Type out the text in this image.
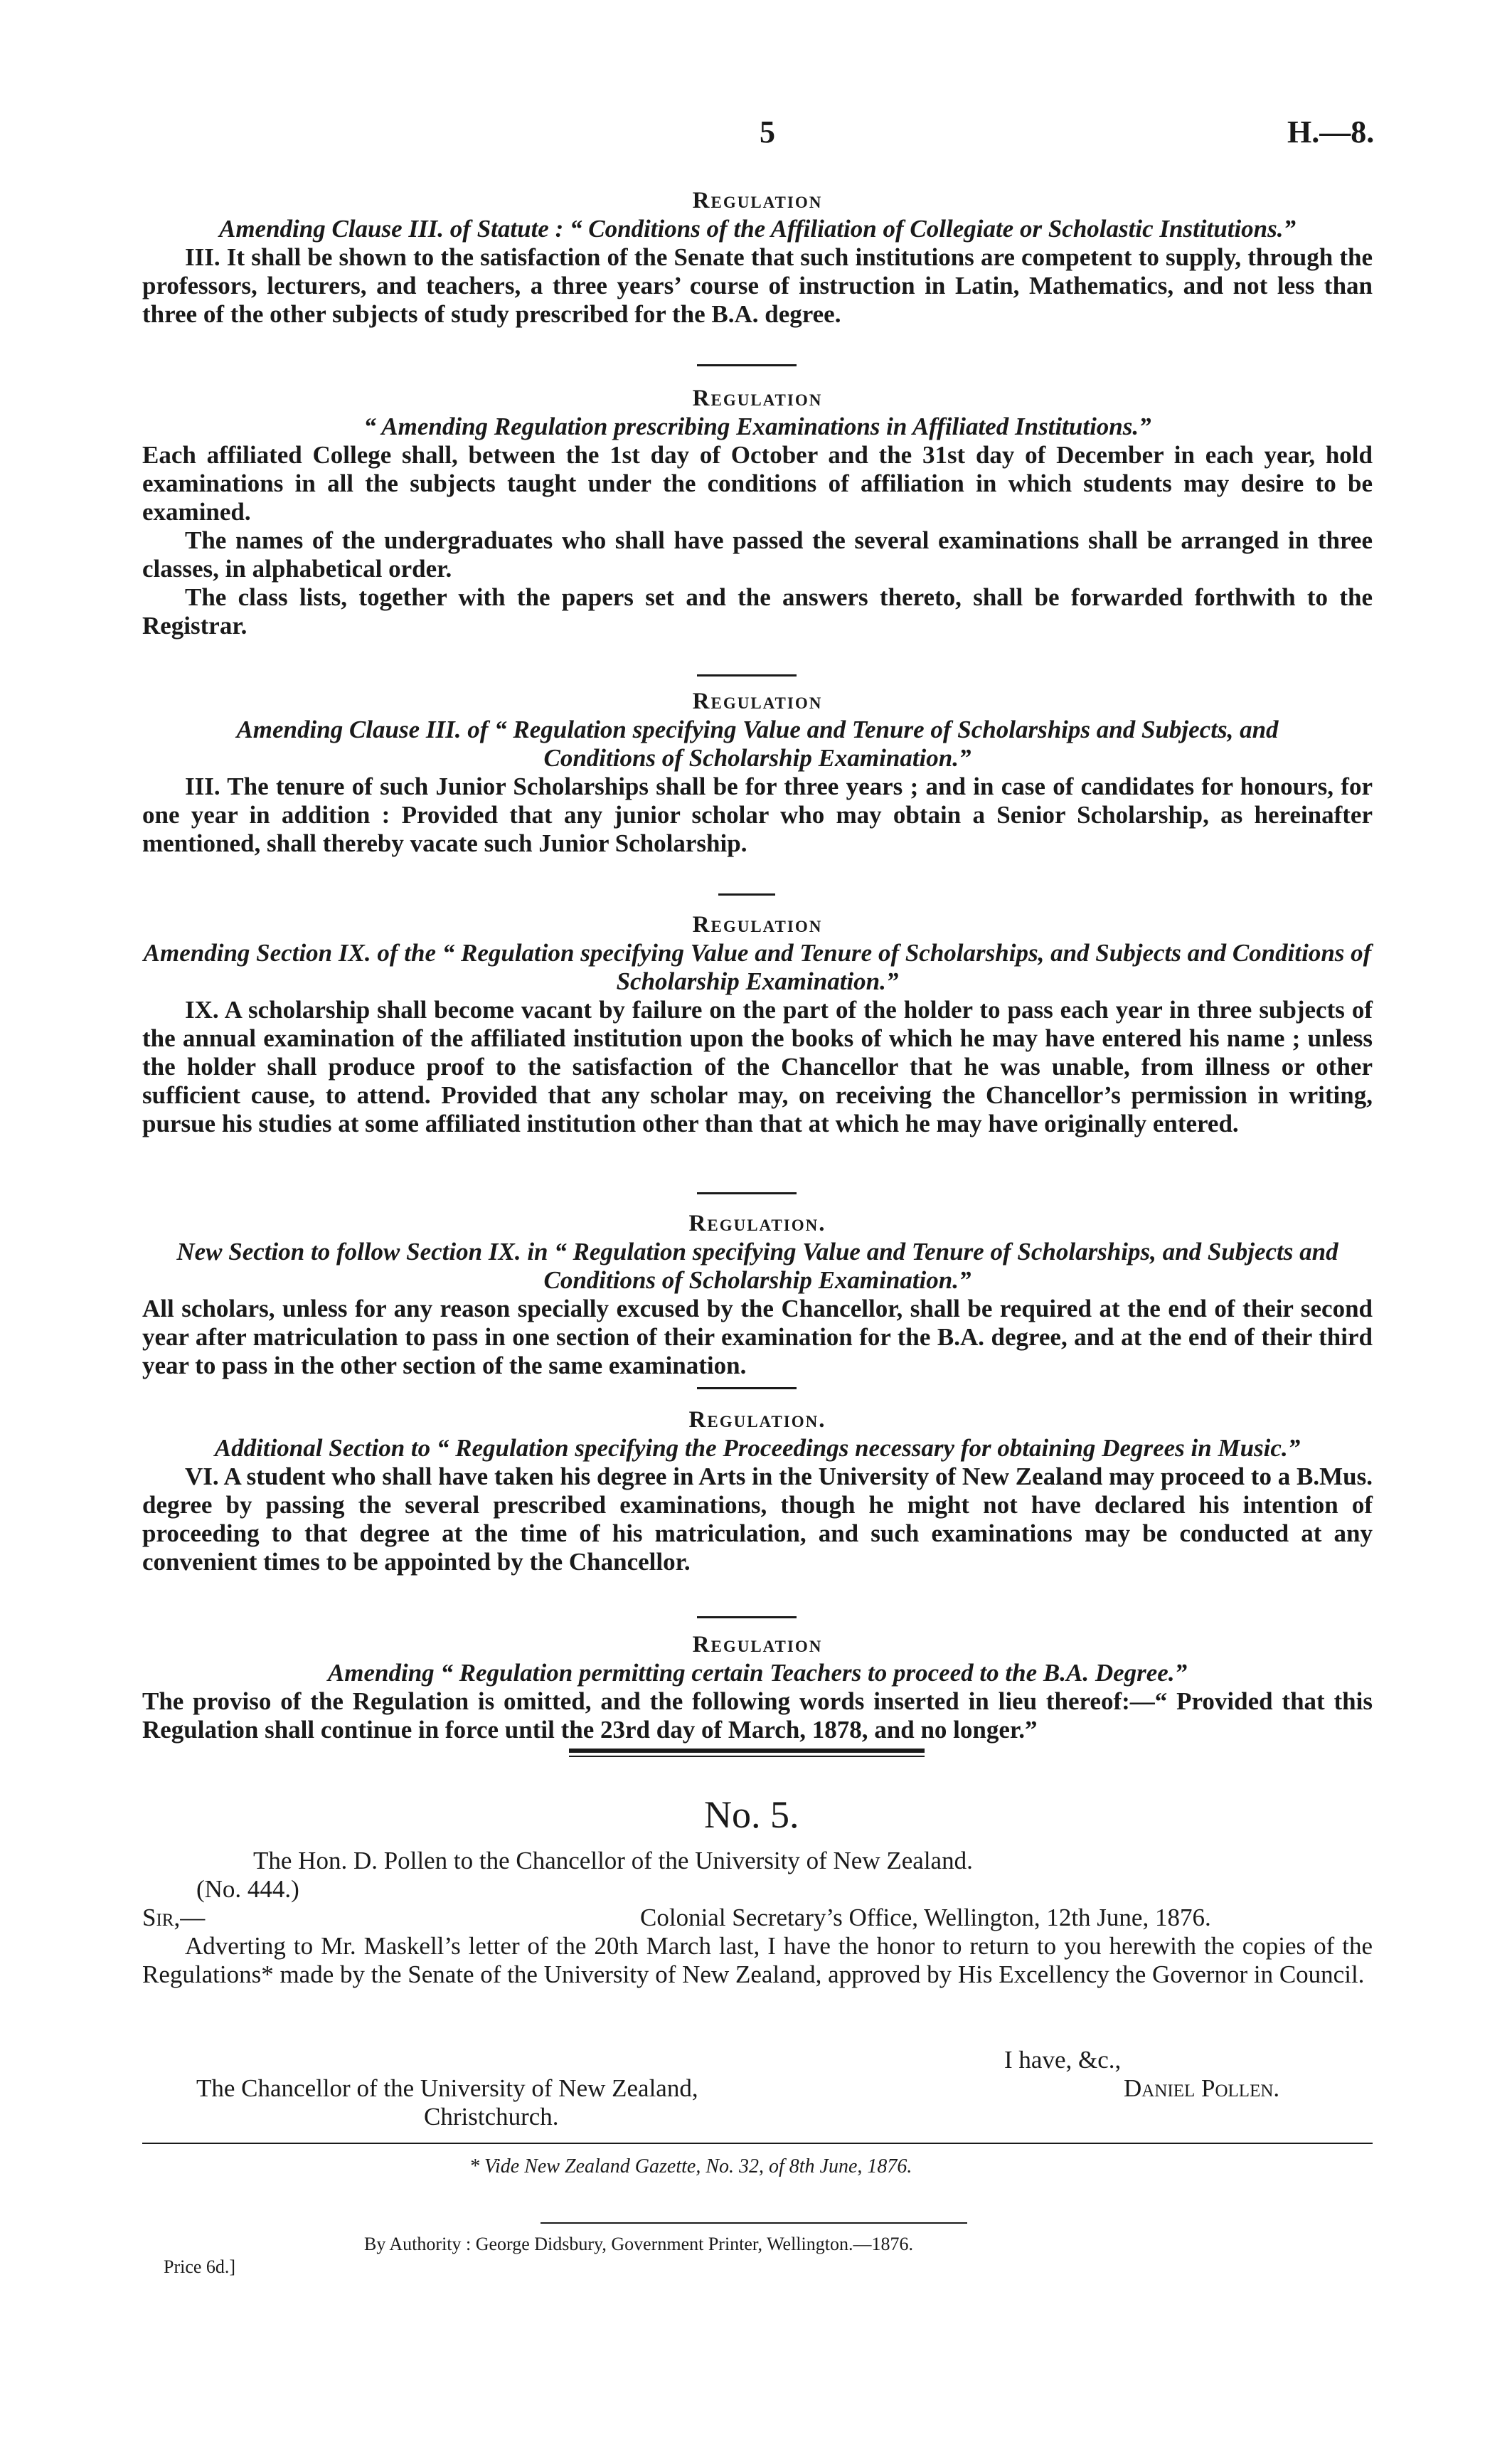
5	H.—8.
Regulation
Amending Clause III. of Statute : “ Conditions of the Affiliation of Collegiate or Scholastic Institutions.”

III. It shall be shown to the satisfaction of the Senate that such institutions are competent to supply, through the professors, lecturers, and teachers, a three years’ course of instruction in Latin, Mathematics, and not less than three of the other subjects of study prescribed for the B.A. degree.

Regulation
“ Amending Regulation prescribing Examinations in Affiliated Institutions.”

Each affiliated College shall, between the 1st day of October and the 31st day of December in each year, hold examinations in all the subjects taught under the conditions of affiliation in which students may desire to be examined.

The names of the undergraduates who shall have passed the several examinations shall be arranged in three classes, in alphabetical order.

The class lists, together with the papers set and the answers thereto, shall be forwarded forthwith to the Registrar.

Regulation
Amending Clause III. of “ Regulation specifying Value and Tenure of Scholarships and Subjects, and Conditions of Scholarship Examination.”

III. The tenure of such Junior Scholarships shall be for three years ; and in case of candidates for honours, for one year in addition : Provided that any junior scholar who may obtain a Senior Scholarship, as hereinafter mentioned, shall thereby vacate such Junior Scholarship.

Regulation
Amending Section IX. of the “ Regulation specifying Value and Tenure of Scholarships, and Subjects and Conditions of Scholarship Examination.”

IX. A scholarship shall become vacant by failure on the part of the holder to pass each year in three subjects of the annual examination of the affiliated institution upon the books of which he may have entered his name ; unless the holder shall produce proof to the satisfaction of the Chancellor that he was unable, from illness or other sufficient cause, to attend. Provided that any scholar may, on receiving the Chancellor’s permission in writing, pursue his studies at some affiliated institution other than that at which he may have originally entered.

Regulation.
New Section to follow Section IX. in “ Regulation specifying Value and Tenure of Scholarships, and Subjects and Conditions of Scholarship Examination.”

All scholars, unless for any reason specially excused by the Chancellor, shall be required at the end of their second year after matriculation to pass in one section of their examination for the B.A. degree, and at the end of their third year to pass in the other section of the same examination.

Regulation.
Additional Section to “ Regulation specifying the Proceedings necessary for obtaining Degrees in Music.”

VI. A student who shall have taken his degree in Arts in the University of New Zealand may proceed to a B.Mus. degree by passing the several prescribed examinations, though he might not have declared his intention of proceeding to that degree at the time of his matriculation, and such examinations may be conducted at any convenient times to be appointed by the Chancellor.

Regulation
Amending “ Regulation permitting certain Teachers to proceed to the B.A. Degree.”

The proviso of the Regulation is omitted, and the following words inserted in lieu thereof:—“ Provided that this Regulation shall continue in force until the 23rd day of March, 1878, and no longer.”

No. 5.
The Hon. D. Pollen to the Chancellor of the University of New Zealand.
(No. 444.)
Sir,—	Colonial Secretary’s Office, Wellington, 12th June, 1876.

Adverting to Mr. Maskell’s letter of the 20th March last, I have the honor to return to you herewith the copies of the Regulations* made by the Senate of the University of New Zealand, approved by His Excellency the Governor in Council.

I have, &c.,
The Chancellor of the University of New Zealand,	Daniel Pollen.
Christchurch.
* Vide New Zealand Gazette, No. 32, of 8th June, 1876.
By Authority : George Didsbury, Government Printer, Wellington.—1876.
Price 6d.]
